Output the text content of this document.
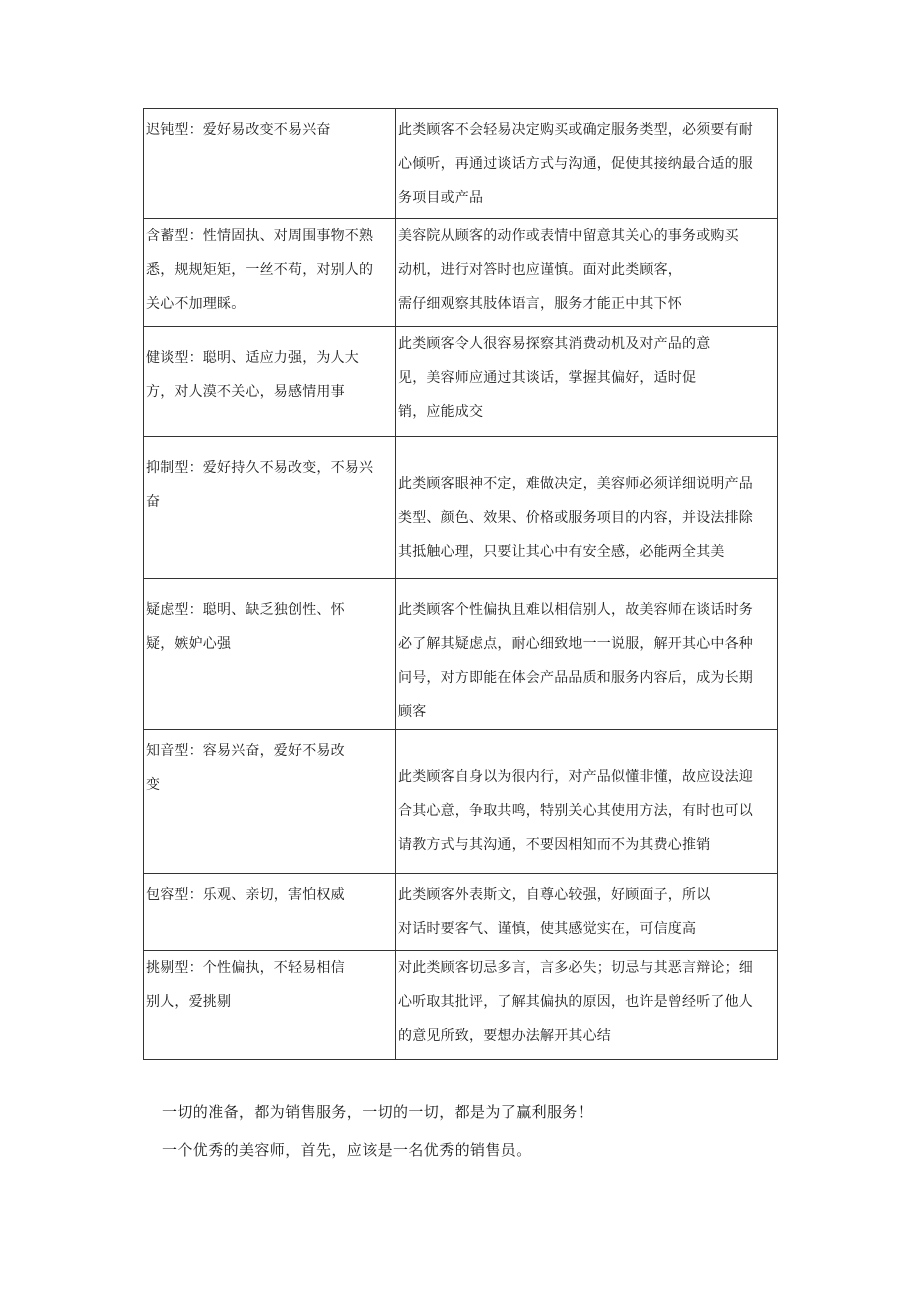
迟钝型：爱好易改变不易兴奋	此类顾客不会轻易决定购买或确定服务类型，必须要有耐
心倾听，再通过谈话方式与沟通，促使其接纳最合适的服
务项目或产品

含蓄型：性情固执、对周围事物不熟
悉，规规矩矩，一丝不苟，对别人的
关心不加理睬。	美容院从顾客的动作或表情中留意其关心的事务或购买
动机，进行对答时也应谨慎。面对此类顾客，
需仔细观察其肢体语言，服务才能正中其下怀

健谈型：聪明、适应力强，为人大
方，对人漠不关心，易感情用事	此类顾客令人很容易探察其消费动机及对产品的意
见，美容师应通过其谈话，掌握其偏好，适时促
销，应能成交

抑制型：爱好持久不易改变，不易兴
奋	此类顾客眼神不定，难做决定，美容师必须详细说明产品
类型、颜色、效果、价格或服务项目的内容，并设法排除
其抵触心理，只要让其心中有安全感，必能两全其美

疑虑型：聪明、缺乏独创性、怀
疑，嫉妒心强	此类顾客个性偏执且难以相信别人，故美容师在谈话时务
必了解其疑虑点，耐心细致地一一说服，解开其心中各种
问号，对方即能在体会产品品质和服务内容后，成为长期
顾客

知音型：容易兴奋，爱好不易改
变	此类顾客自身以为很内行，对产品似懂非懂，故应设法迎
合其心意，争取共鸣，特别关心其使用方法，有时也可以
请教方式与其沟通，不要因相知而不为其费心推销

包容型：乐观、亲切，害怕权威	此类顾客外表斯文，自尊心较强，好顾面子，所以
对话时要客气、谨慎，使其感觉实在，可信度高

挑剔型：个性偏执，不轻易相信
别人，爱挑剔	对此类顾客切忌多言，言多必失；切忌与其恶言辩论；细
心听取其批评，了解其偏执的原因，也许是曾经听了他人
的意见所致，要想办法解开其心结
一切的准备，都为销售服务，一切的一切，都是为了赢利服务！
一个优秀的美容师，首先，应该是一名优秀的销售员。
